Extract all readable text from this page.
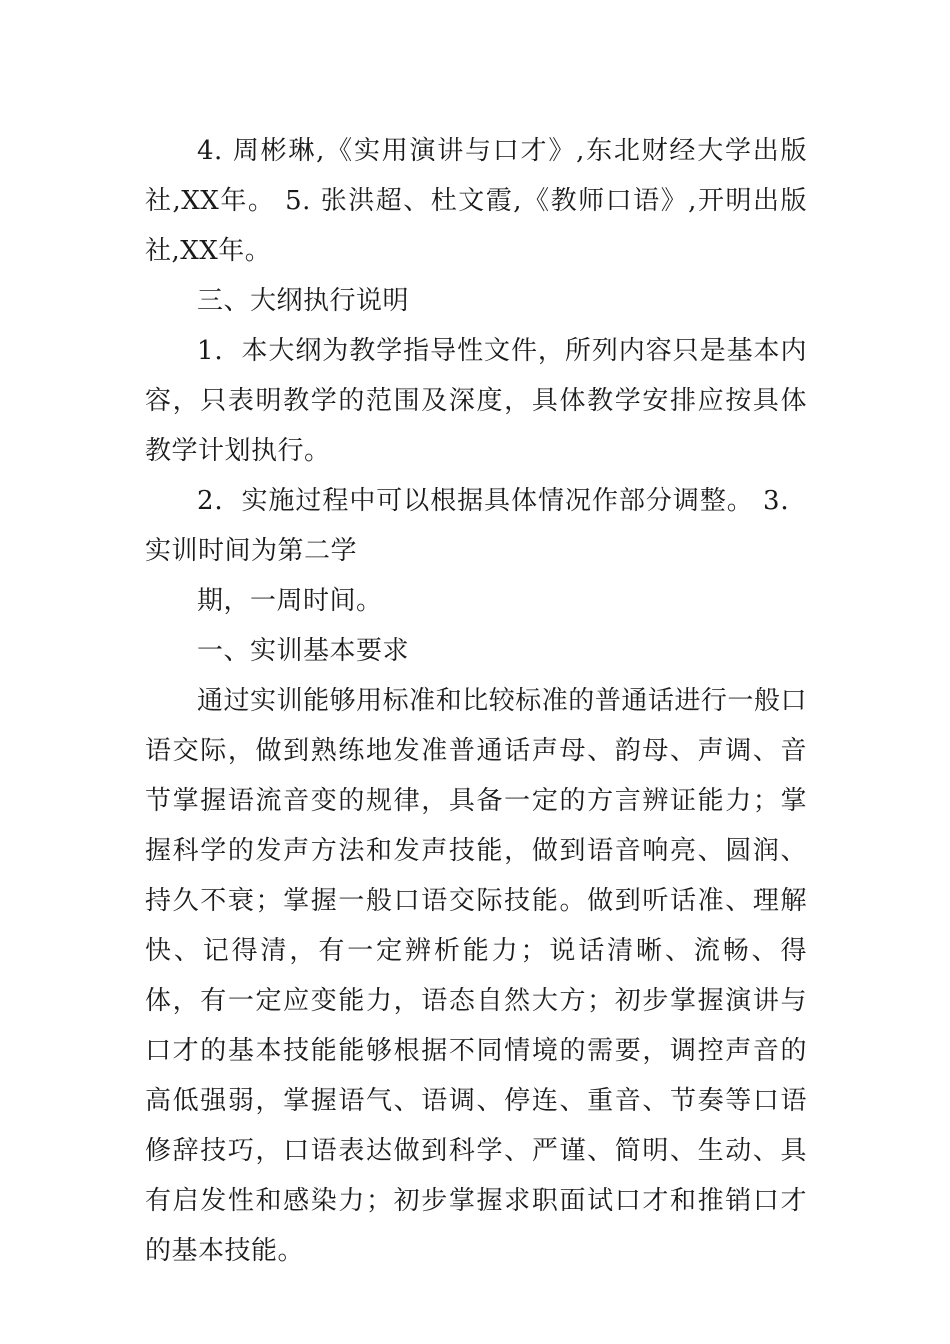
4. 周彬琳,《实用演讲与口才》,东北财经大学出版社,XX年。 5. 张洪超、杜文霞,《教师口语》,开明出版社,XX年。

三、大纲执行说明

1．本大纲为教学指导性文件，所列内容只是基本内容，只表明教学的范围及深度，具体教学安排应按具体教学计划执行。

2．实施过程中可以根据具体情况作部分调整。 3．实训时间为第二学

期，一周时间。

一、实训基本要求

通过实训能够用标准和比较标准的普通话进行一般口语交际，做到熟练地发准普通话声母、韵母、声调、音节掌握语流音变的规律，具备一定的方言辨证能力；掌握科学的发声方法和发声技能，做到语音响亮、圆润、持久不衰；掌握一般口语交际技能。做到听话准、理解快、记得清，有一定辨析能力；说话清晰、流畅、得体，有一定应变能力，语态自然大方；初步掌握演讲与口才的基本技能能够根据不同情境的需要，调控声音的高低强弱，掌握语气、语调、停连、重音、节奏等口语修辞技巧，口语表达做到科学、严谨、简明、生动、具有启发性和感染力；初步掌握求职面试口才和推销口才的基本技能。
